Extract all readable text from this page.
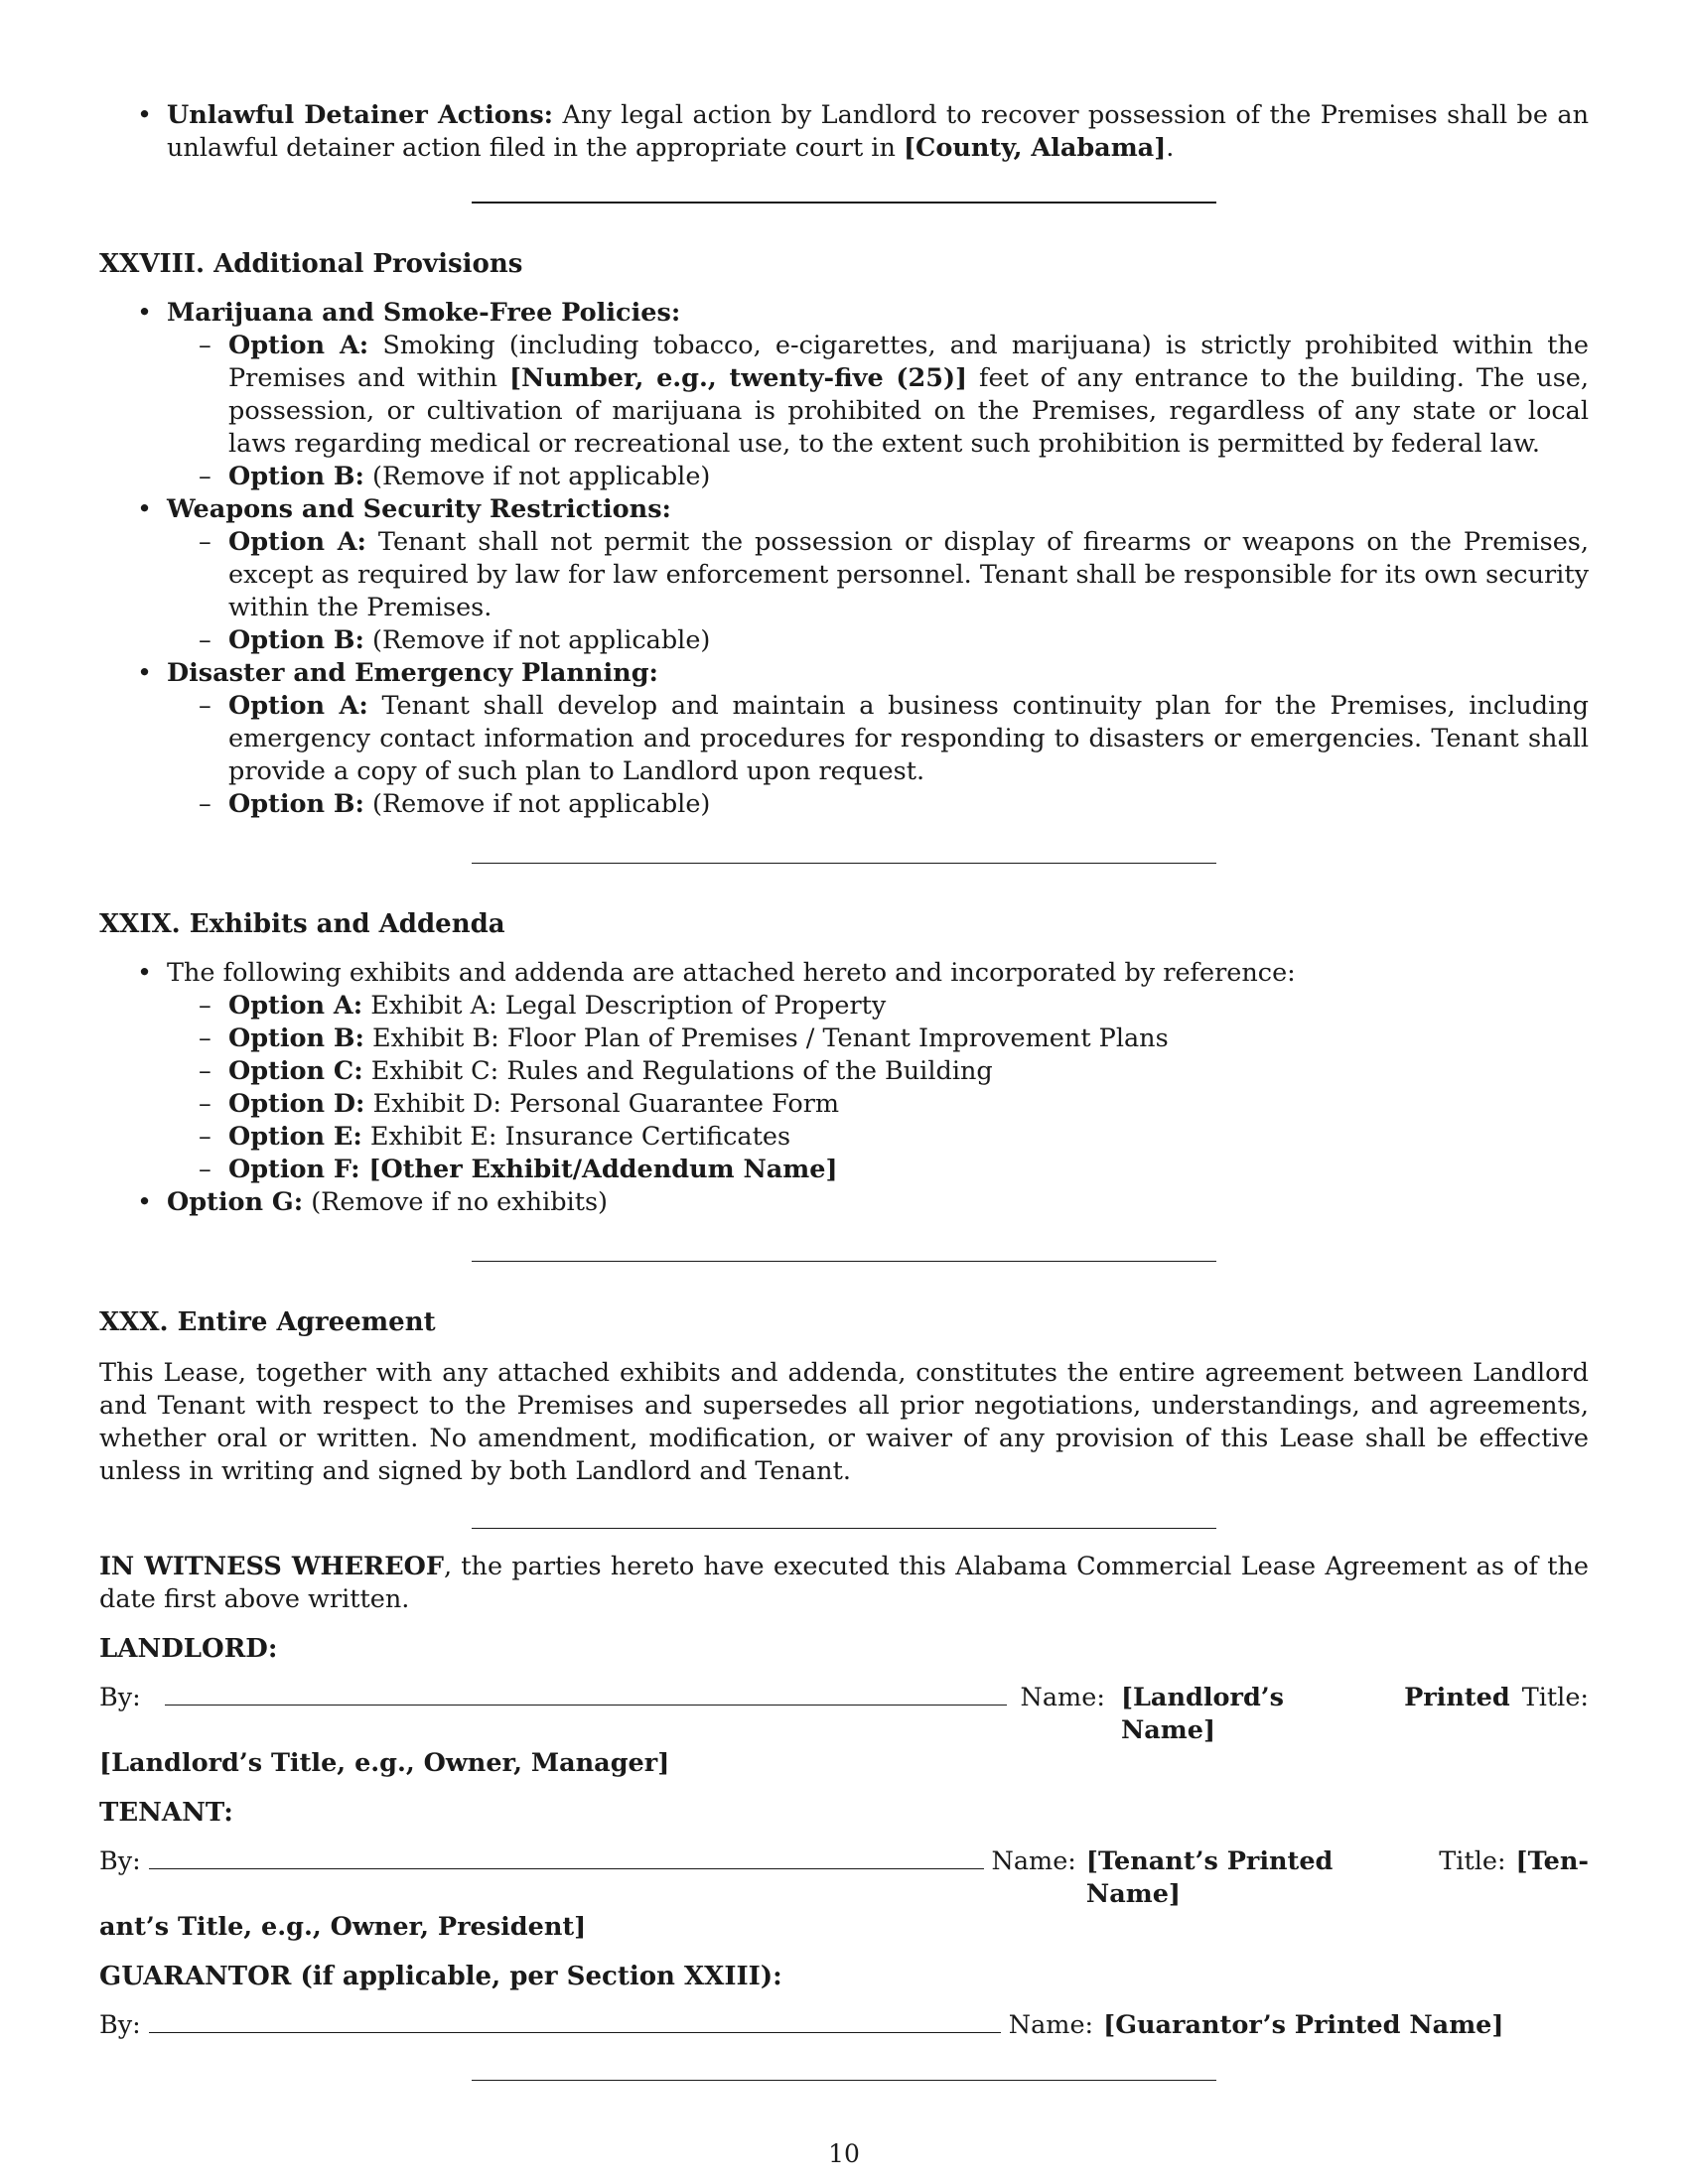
• Unlawful Detainer Actions: Any legal action by Landlord to recover possession of the Premises shall be an unlawful detainer action filed in the appropriate court in [County, Alabama].
XXVIII. Additional Provisions
• Marijuana and Smoke-Free Policies:
– Option A: Smoking (including tobacco, e-cigarettes, and marijuana) is strictly prohibited within the Premises and within [Number, e.g., twenty-five (25)] feet of any entrance to the building. The use, possession, or cultivation of marijuana is prohibited on the Premises, regardless of any state or local laws regarding medical or recreational use, to the extent such prohibition is permitted by federal law.
– Option B: (Remove if not applicable)
• Weapons and Security Restrictions:
– Option A: Tenant shall not permit the possession or display of firearms or weapons on the Premises, except as required by law for law enforcement personnel. Tenant shall be responsible for its own security within the Premises.
– Option B: (Remove if not applicable)
• Disaster and Emergency Planning:
– Option A: Tenant shall develop and maintain a business continuity plan for the Premises, including emergency contact information and procedures for responding to disasters or emergencies. Tenant shall provide a copy of such plan to Landlord upon request.
– Option B: (Remove if not applicable)
XXIX. Exhibits and Addenda
• The following exhibits and addenda are attached hereto and incorporated by reference:
– Option A: Exhibit A: Legal Description of Property
– Option B: Exhibit B: Floor Plan of Premises / Tenant Improvement Plans
– Option C: Exhibit C: Rules and Regulations of the Building
– Option D: Exhibit D: Personal Guarantee Form
– Option E: Exhibit E: Insurance Certificates
– Option F: [Other Exhibit/Addendum Name]
• Option G: (Remove if no exhibits)
XXX. Entire Agreement

This Lease, together with any attached exhibits and addenda, constitutes the entire agreement between Landlord and Tenant with respect to the Premises and supersedes all prior negotiations, understandings, and agreements, whether oral or written. No amendment, modification, or waiver of any provision of this Lease shall be effective unless in writing and signed by both Landlord and Tenant.

IN WITNESS WHEREOF, the parties hereto have executed this Alabama Commercial Lease Agreement as of the date first above written.

LANDLORD:
By:	Name: [Landlord’s Printed Name]
Title:
[Landlord’s Title, e.g., Owner, Manager]
TENANT:
By:	Name: [Tenant’s Printed Name]
Title: [Ten-
ant’s Title, e.g., Owner, President]
GUARANTOR (if applicable, per Section XXIII):
By:	Name: [Guarantor’s Printed Name]
10
